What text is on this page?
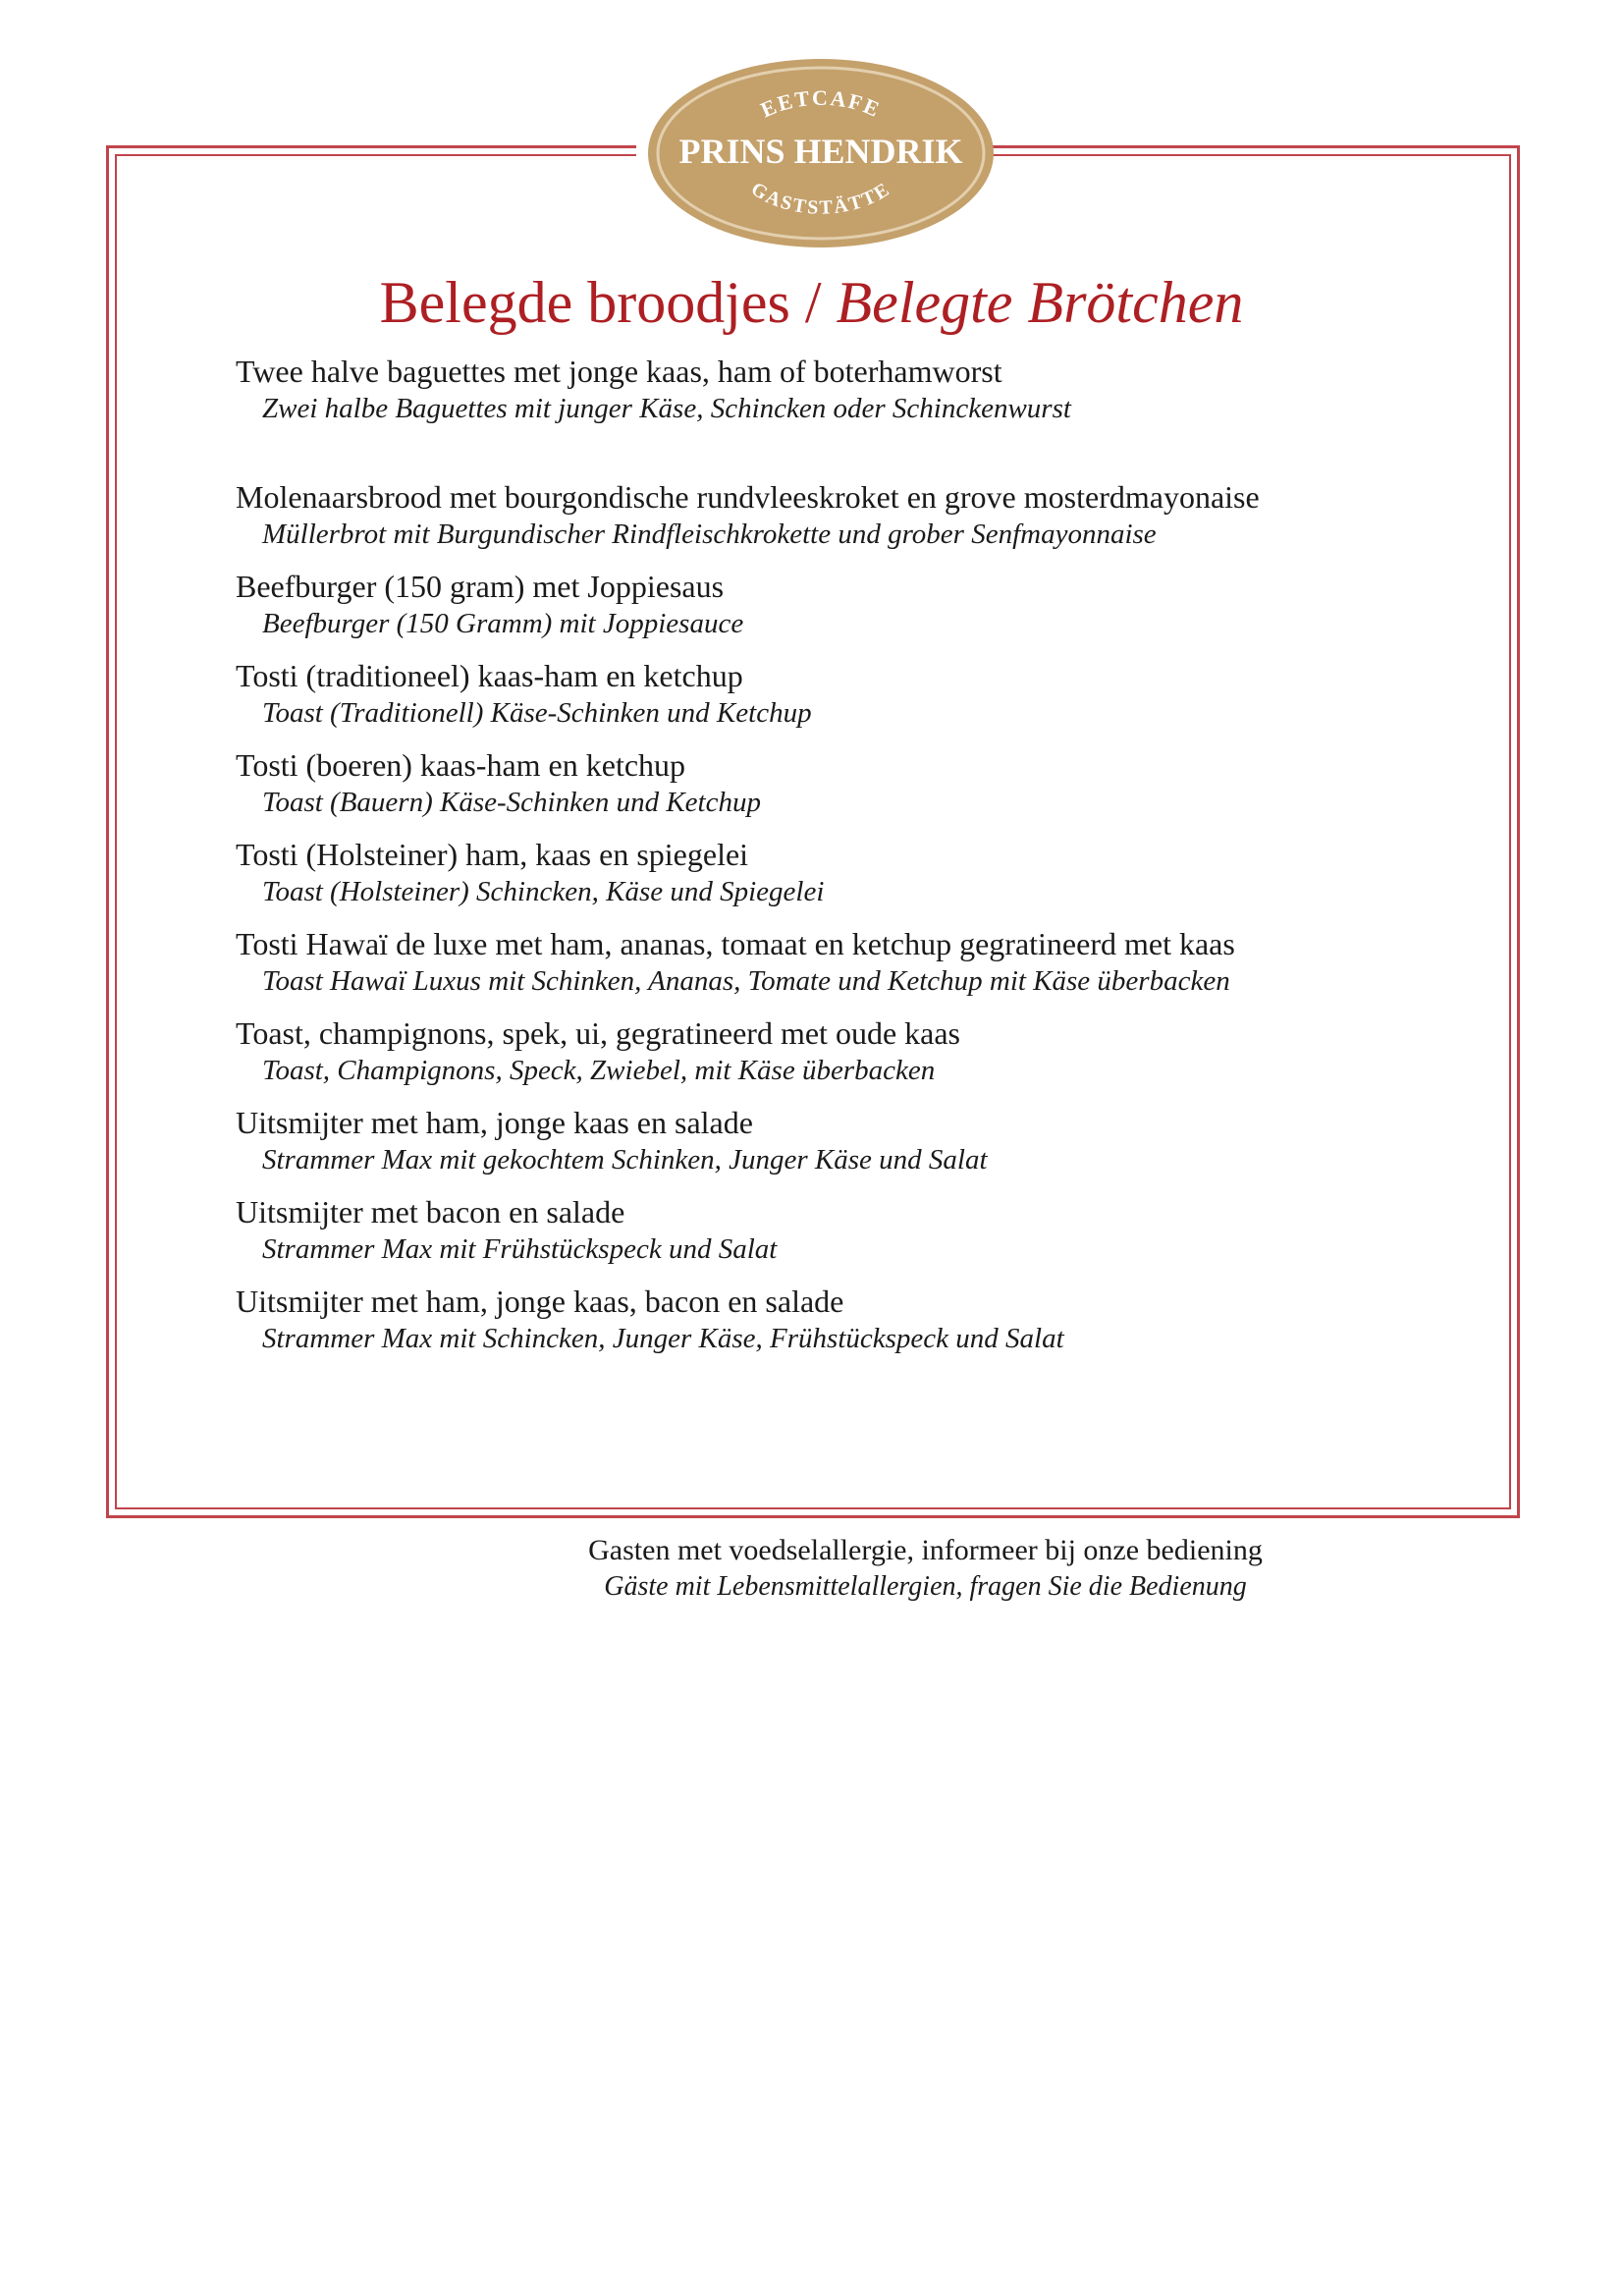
EETCAFE
PRINS HENDRIK
GASTSTÄTTE
Belegde broodjes / Belegte Brötchen
Twee halve baguettes met jonge kaas, ham of boterhamworst
Zwei halbe Baguettes mit junger Käse, Schincken oder Schinckenwurst
Molenaarsbrood met bourgondische rundvleeskroket en grove mosterdmayonaise
Müllerbrot mit Burgundischer Rindfleischkrokette und grober Senfmayonnaise
Beefburger (150 gram) met Joppiesaus
Beefburger (150 Gramm) mit Joppiesauce
Tosti (traditioneel) kaas-ham en ketchup
Toast (Traditionell) Käse-Schinken und Ketchup
Tosti (boeren) kaas-ham en ketchup
Toast (Bauern) Käse-Schinken und Ketchup
Tosti (Holsteiner) ham, kaas en spiegelei
Toast (Holsteiner) Schincken, Käse und Spiegelei
Tosti Hawaï de luxe met ham, ananas, tomaat en ketchup gegratineerd met kaas
Toast Hawaï Luxus mit Schinken, Ananas, Tomate und Ketchup mit Käse überbacken
Toast, champignons, spek, ui, gegratineerd met oude kaas
Toast, Champignons, Speck, Zwiebel, mit Käse überbacken
Uitsmijter met ham, jonge kaas en salade
Strammer Max mit gekochtem Schinken, Junger Käse und Salat
Uitsmijter met bacon en salade
Strammer Max mit Frühstückspeck und Salat
Uitsmijter met ham, jonge kaas, bacon en salade
Strammer Max mit Schincken, Junger Käse, Frühstückspeck und Salat
Gasten met voedselallergie, informeer bij onze bediening
Gäste mit Lebensmittelallergien, fragen Sie die Bedienung
